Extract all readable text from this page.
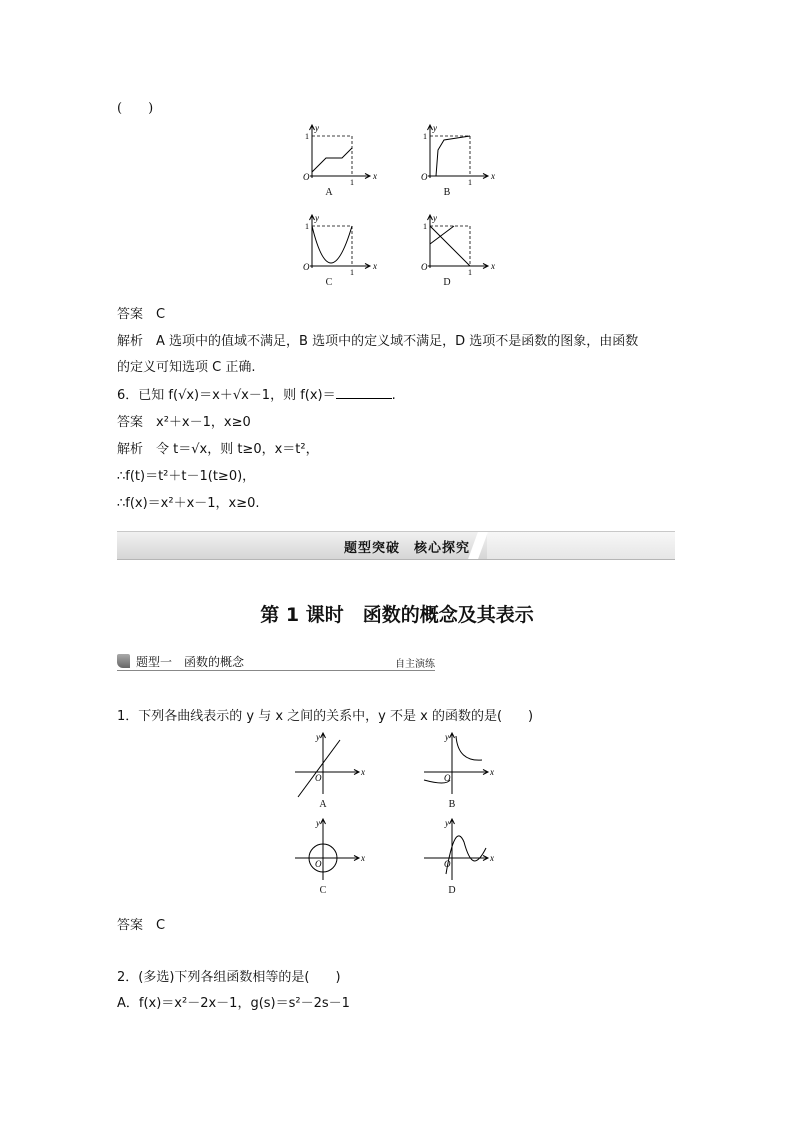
(　　)
y
x
O
1
1
A
y
x
O
1
1
B
y
x
O
1
1
C
y
x
O
1
1
D
答案　C
解析　A 选项中的值域不满足，B 选项中的定义域不满足，D 选项不是函数的图象，由函数
的定义可知选项 C 正确.
6．已知 f(√x)＝x＋√x－1，则 f(x)＝	.
答案　x²＋x－1，x≥0
解析　令 t＝√x，则 t≥0，x＝t²，
∴f(t)＝t²＋t－1(t≥0)，
∴f(x)＝x²＋x－1，x≥0.
题型突破　核心探究
第 1 课时　函数的概念及其表示
题型一　函数的概念	自主演练
1．下列各曲线表示的 y 与 x 之间的关系中，y 不是 x 的函数的是(　　)
y
x
O
A
y
x
O
B
y
x
O
C
y
x
O
D
答案　C
2．(多选)下列各组函数相等的是(　　)
A．f(x)＝x²－2x－1，g(s)＝s²－2s－1
